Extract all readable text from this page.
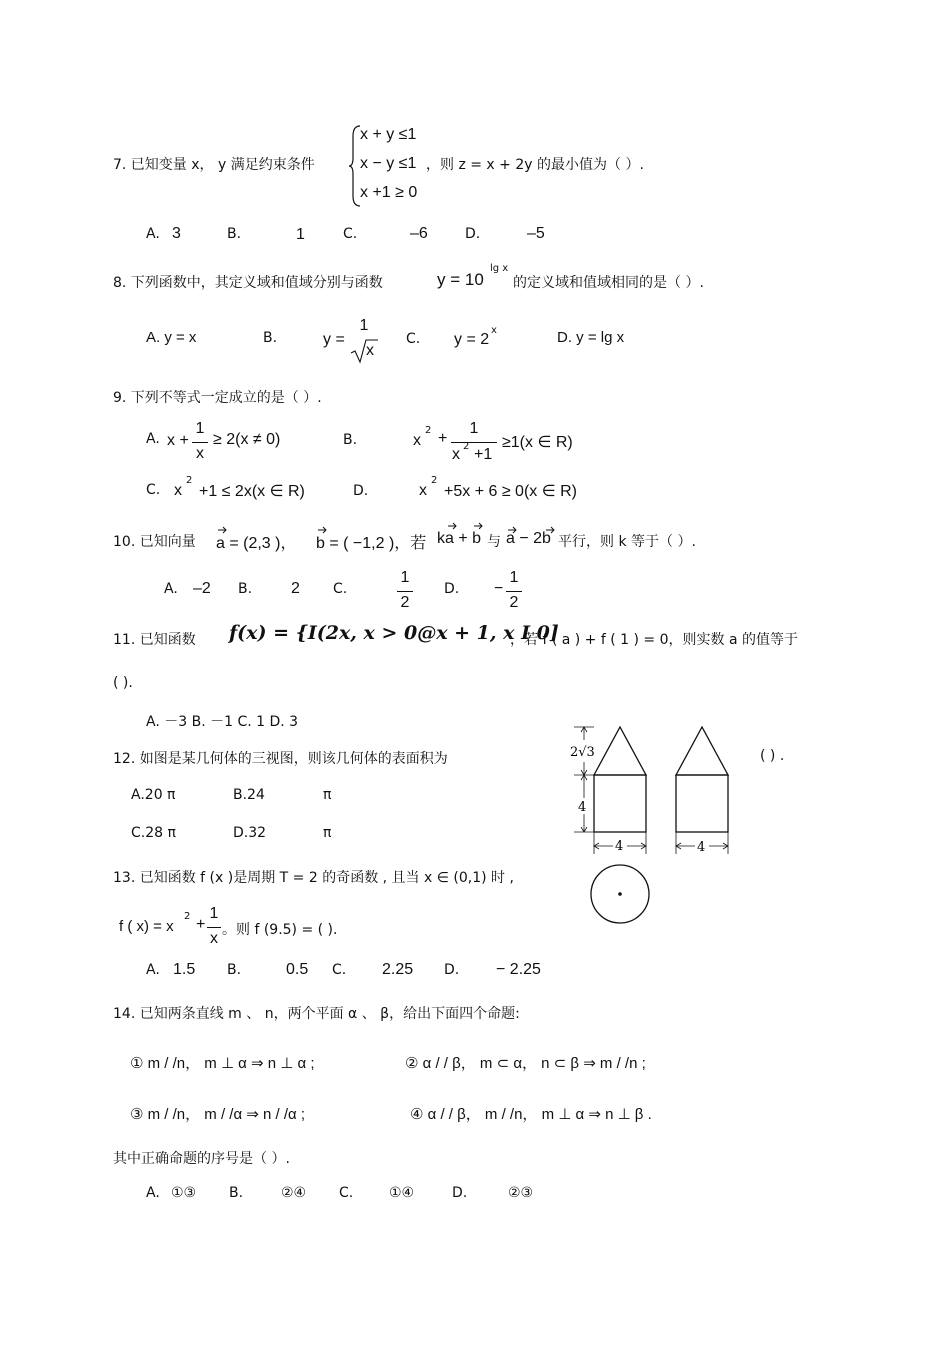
7. 已知变量 x， y 满足约束条件
x + y ≤1
x − y ≤1
x +1 ≥ 0
，则 z = x + 2y 的最小值为（ ）.
A. 3	B.	1	C.	–6	D.	–5
8. 下列函数中，其定义域和值域分别与函数	y = 10
lg x
的定义域和值域相同的是（ ）.
A. y = x	B.	y =
1
x
C. y = 2
x	D. y = lg x
9. 下列不等式一定成立的是（ ）.
A. x +
1
x
≥ 2(x ≠ 0)	B.	x
2 +
1
x 2 +1
≥1(x ∈ R)
C. x
2
+1 ≤ 2x(x ∈ R)	D.	x
2
+5x + 6 ≥ 0(x ∈ R)
10. 已知向量 a = (2,3 )， b = ( −1,2 )，若 ka + b 与 a − 2b 平行，则 k 等于（ ）.
A. –2 B. 2 C.
1
2
D. −
1
2
11. 已知函数 f(x) = {I(2x, x > 0@x + 1, x I 0]
，若 f ( a ) + f ( 1 ) = 0，则实数 a 的值等于
( ).
A. －3 B. －1 C. 1 D. 3
12. 如图是某几何体的三视图，则该几何体的表面积为	( ) .
A.20 π	B.24	π
C.28 π	D.32	π
2√3
4
4	4
13. 已知函数 f (x )是周期 T = 2 的奇函数 , 且当 x ∈ (0,1) 时 ,
f ( x) = x
2 +
1
x 。则 f (9.5) = ( ).
A. 1.5 B.	0.5 C. 2.25 D. − 2.25
14. 已知两条直线 m 、 n，两个平面 α 、 β，给出下面四个命题:
① m / /n， m ⊥ α ⇒ n ⊥ α ;	② α / / β， m ⊂ α， n ⊂ β ⇒ m / /n ;
③ m / /n， m / /α ⇒ n / /α ;	④ α / / β， m / /n， m ⊥ α ⇒ n ⊥ β .
其中正确命题的序号是（ ）.
A. ①③ B.	②④ C.	①④	D.	②③
